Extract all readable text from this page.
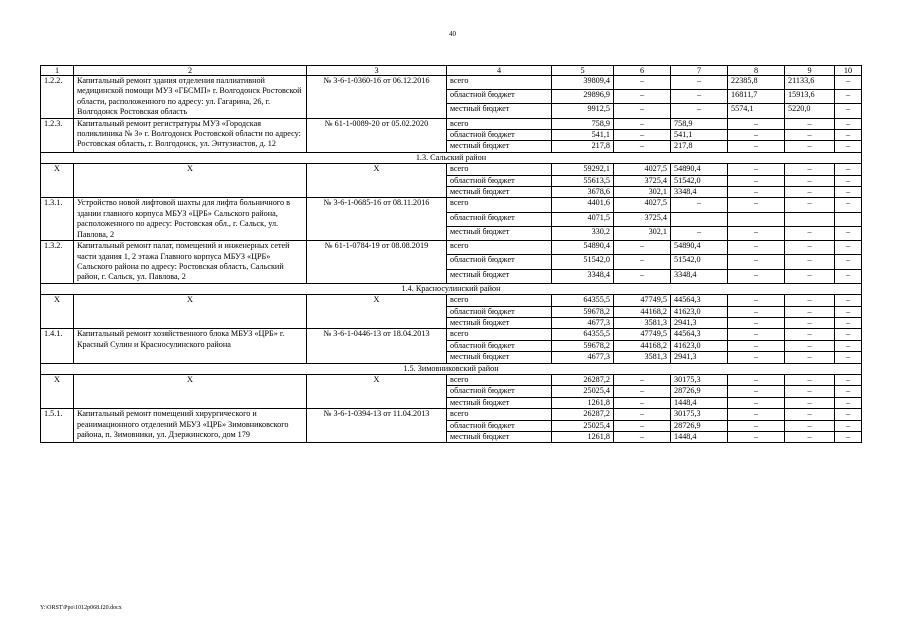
40
1	2	3	4	5	6	7	8	9	10
1.2.2.	Капитальный ремонт здания отделения паллиативной медицинской помощи МУЗ «ГБСМП» г. Волгодонск Ростовской области, расположенного по адресу: ул. Гагарина, 26, г. Волгодонск Ростовская область	№ 3-6-1-0360-16 от 06.12.2016	всего	39809,4	–	–	22385,8	21133,6	–
			областной бюджет	29896,9	–	–	16811,7	15913,6	–
			местный бюджет	9912,5	–	–	5574,1	5220,0	–
1.2.3.	Капитальный ремонт регистратуры МУЗ «Городская поликлиника № 3» г. Волгодонск Ростовской области по адресу: Ростовская область, г. Волгодонск, ул. Энтузиастов, д. 12	№ 61-1-0089-20 от 05.02.2020	всего	758,9	–	758,9	–	–	–
			областной бюджет	541,1	–	541,1	–	–	–
			местный бюджет	217,8	–	217,8	–	–	–
1.3. Сальский район									
Х	Х	Х	всего	59292,1	4027,5	54890,4	–	–	–
			областной бюджет	55613,5	3725,4	51542,0	–	–	–
			местный бюджет	3678,6	302,1	3348,4	–	–	–
1.3.1.	Устройство новой лифтовой шахты для лифта больничного в здании главного корпуса МБУЗ «ЦРБ» Сальского района, расположенного по адресу: Ростовская обл., г. Сальск, ул. Павлова, 2	№ 3-6-1-0685-16 от 08.11.2016	всего	4401,6	4027,5	–	–	–	–
			областной бюджет	4071,5	3725,4				
			местный бюджет	330,2	302,1	–	–	–	–
1.3.2.	Капитальный ремонт палат, помещений и инженерных сетей части здания 1, 2 этажа Главного корпуса МБУЗ «ЦРБ» Сальского района по адресу: Ростовская область, Сальский район, г. Сальск, ул. Павлова, 2	№ 61-1-0784-19 от 08.08.2019	всего	54890,4	–	54890,4	–	–	–
			областной бюджет	51542,0	–	51542,0	–	–	–
			местный бюджет	3348,4	–	3348,4	–	–	–
1.4. Красносулинский район									
Х	Х	Х	всего	64355,5	47749,5	44564,3	–	–	–
			областной бюджет	59678,2	44168,2	41623,0	–	–	–
			местный бюджет	4677,3	3581,3	2941,3	–	–	–
1.4.1.	Капитальный ремонт хозяйственного блока МБУЗ «ЦРБ» г. Красный Сулин и Красносулинского района	№ 3-6-1-0446-13 от 18.04.2013	всего	64355,5	47749,5	44564,3	–	–	–
			областной бюджет	59678,2	44168,2	41623,0	–	–	–
			местный бюджет	4677,3	3581,3	2941,3	–	–	–
1.5. Зимовниковский район									
Х	Х	Х	всего	26287,2	–	30175,3	–	–	–
			областной бюджет	25025,4	–	28726,9	–	–	–
			местный бюджет	1261,8	–	1448,4	–	–	–
1.5.1.	Капитальный ремонт помещений хирургического и реанимационного отделений МБУЗ «ЦРБ» Зимовниковского района, п. Зимовники, ул. Дзержинского, дом 179	№ 3-6-1-0394-13 от 11.04.2013	всего	26287,2	–	30175,3	–	–	–
			областной бюджет	25025,4	–	28726,9	–	–	–
			местный бюджет	1261,8	–	1448,4	–	–	–
Y:\ORST\Ppo\1012p068.f20.docx
